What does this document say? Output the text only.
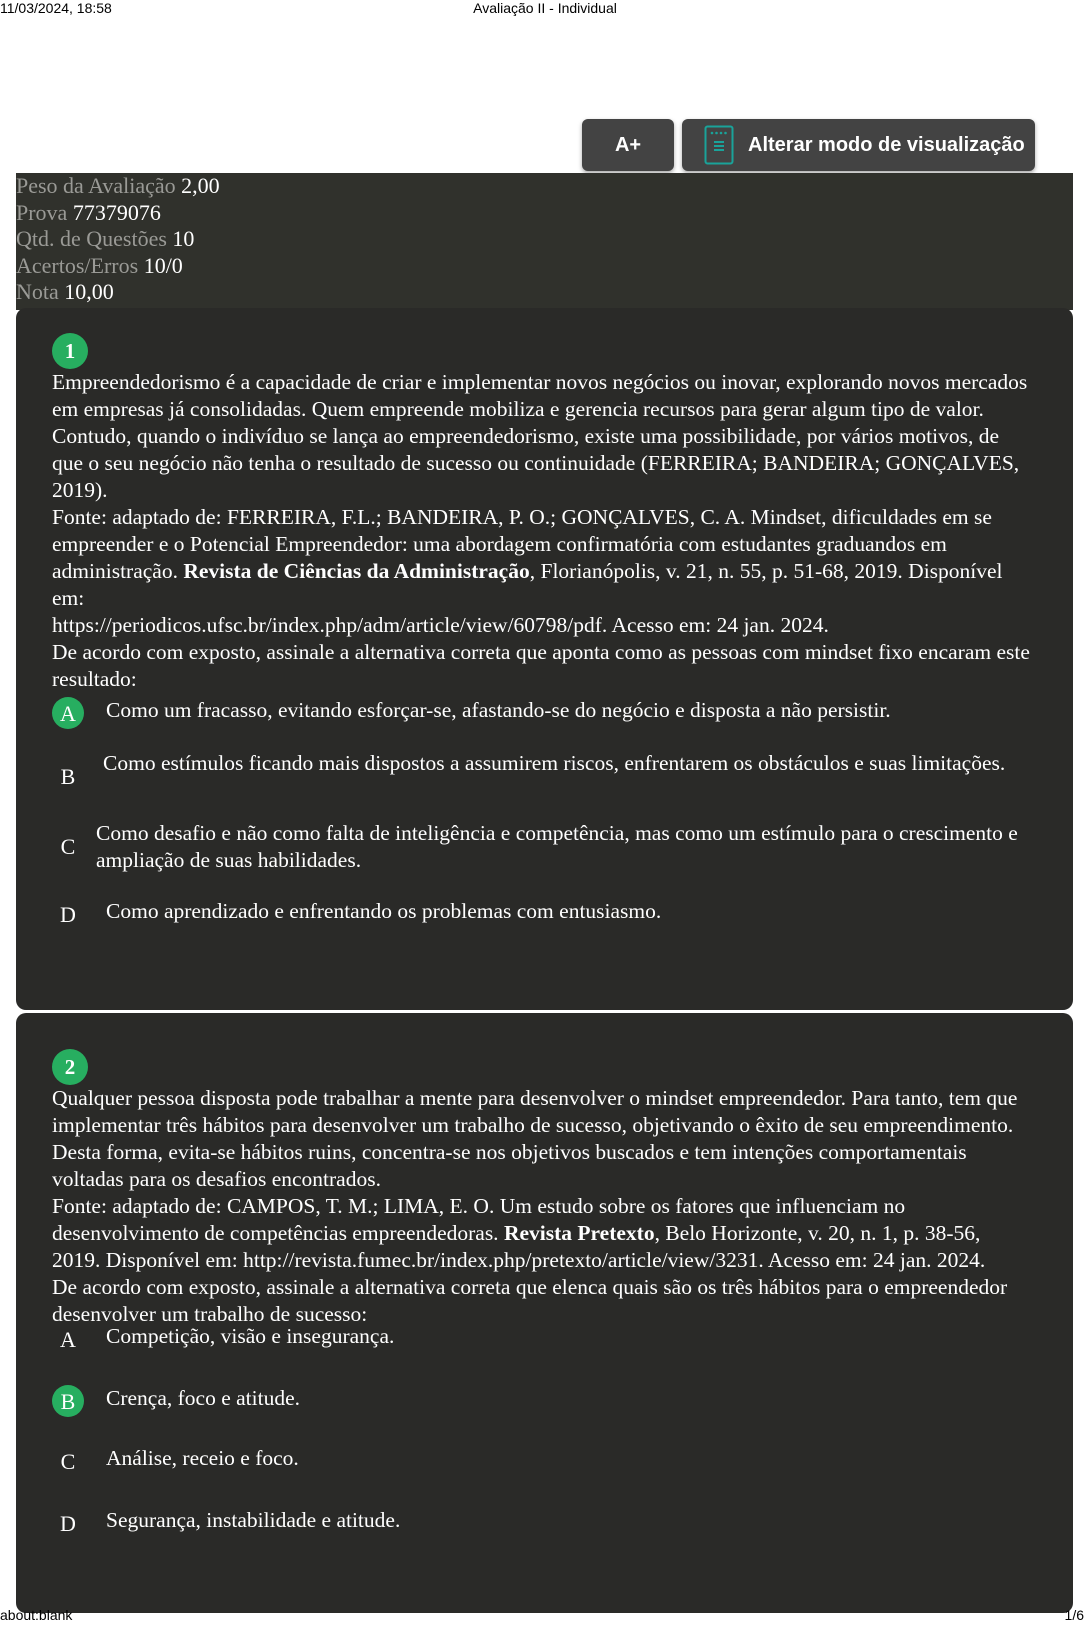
11/03/2024, 18:58	Avaliação II - Individual
A+	Alterar modo de visualização
Peso da Avaliação 2,00
Prova 77379076
Qtd. de Questões 10
Acertos/Erros 10/0
Nota 10,00
1
Empreendedorismo é a capacidade de criar e implementar novos negócios ou inovar, explorando novos mercados em empresas já consolidadas. Quem empreende mobiliza e gerencia recursos para gerar algum tipo de valor. Contudo, quando o indivíduo se lança ao empreendedorismo, existe uma possibilidade, por vários motivos, de que o seu negócio não tenha o resultado de sucesso ou continuidade (FERREIRA; BANDEIRA; GONÇALVES, 2019).
Fonte: adaptado de: FERREIRA, F.L.; BANDEIRA, P. O.; GONÇALVES, C. A. Mindset, dificuldades em se empreender e o Potencial Empreendedor: uma abordagem confirmatória com estudantes graduandos em administração. Revista de Ciências da Administração, Florianópolis, v. 21, n. 55, p. 51-68, 2019. Disponível em:
https://periodicos.ufsc.br/index.php/adm/article/view/60798/pdf. Acesso em: 24 jan. 2024.
De acordo com exposto, assinale a alternativa correta que aponta como as pessoas com mindset fixo encaram este resultado:
A	Como um fracasso, evitando esforçar-se, afastando-se do negócio e disposta a não persistir.
B
Como estímulos ficando mais dispostos a assumirem riscos, enfrentarem os obstáculos e suas limitações.
C
Como desafio e não como falta de inteligência e competência, mas como um estímulo para o crescimento e ampliação de suas habilidades.
D	Como aprendizado e enfrentando os problemas com entusiasmo.
2
Qualquer pessoa disposta pode trabalhar a mente para desenvolver o mindset empreendedor. Para tanto, tem que implementar três hábitos para desenvolver um trabalho de sucesso, objetivando o êxito de seu empreendimento. Desta forma, evita-se hábitos ruins, concentra-se nos objetivos buscados e tem intenções comportamentais voltadas para os desafios encontrados.
Fonte: adaptado de: CAMPOS, T. M.; LIMA, E. O. Um estudo sobre os fatores que influenciam no desenvolvimento de competências empreendedoras. Revista Pretexto, Belo Horizonte, v. 20, n. 1, p. 38-56, 2019. Disponível em: http://revista.fumec.br/index.php/pretexto/article/view/3231. Acesso em: 24 jan. 2024.
De acordo com exposto, assinale a alternativa correta que elenca quais são os três hábitos para o empreendedor desenvolver um trabalho de sucesso:
A	Competição, visão e insegurança.
B	Crença, foco e atitude.
C	Análise, receio e foco.
D	Segurança, instabilidade e atitude.
about:blank	1/6
